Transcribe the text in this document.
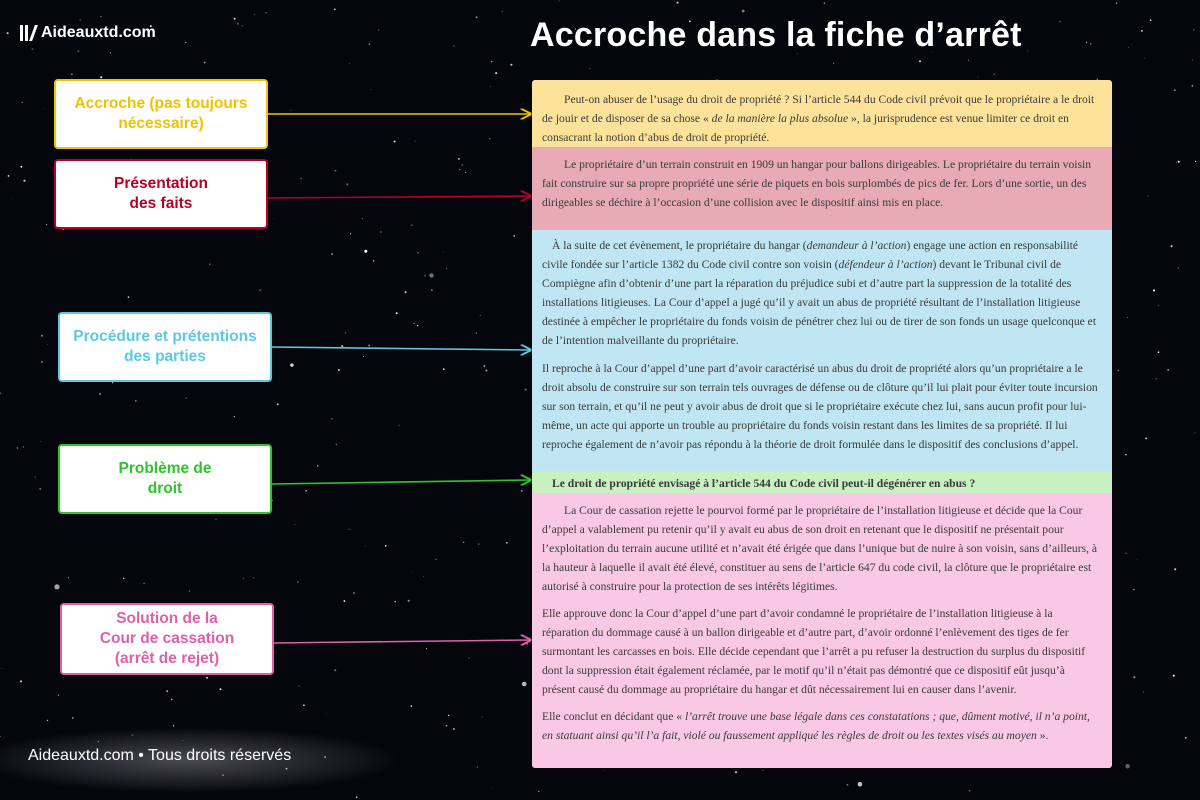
Aideauxtd.com	Accroche dans la fiche d’arrêt
Accroche (pas toujours
nécessaire)
Présentation
des faits
Procédure et prétentions
des parties
Problème de
droit
Solution de la
Cour de cassation
(arrêt de rejet)

Peut-on abuser de l’usage du droit de propriété ? Si l’article 544 du Code civil prévoit que le propriétaire a le droit de jouir et de disposer de sa chose « de la manière la plus absolue », la jurisprudence est venue limiter ce droit en consacrant la notion d’abus de droit de propriété.

Le propriétaire d’un terrain construit en 1909 un hangar pour ballons dirigeables. Le propriétaire du terrain voisin fait construire sur sa propre propriété une série de piquets en bois surplombés de pics de fer. Lors d’une sortie, un des dirigeables se déchire à l’occasion d’une collision avec le dispositif ainsi mis en place.

À la suite de cet évènement, le propriétaire du hangar (demandeur à l’action) engage une action en responsabilité civile fondée sur l’article 1382 du Code civil contre son voisin (défendeur à l’action) devant le Tribunal civil de Compiègne afin d’obtenir d’une part la réparation du préjudice subi et d’autre part la suppression de la totalité des installations litigieuses. La Cour d’appel a jugé qu’il y avait un abus de propriété résultant de l’installation litigieuse destinée à empêcher le propriétaire du fonds voisin de pénétrer chez lui ou de tirer de son fonds un usage quelconque et de l’intention malveillante du propriétaire.

Il reproche à la Cour d’appel d’une part d’avoir caractérisé un abus du droit de propriété alors qu’un propriétaire a le droit absolu de construire sur son terrain tels ouvrages de défense ou de clôture qu’il lui plait pour éviter toute incursion sur son terrain, et qu’il ne peut y avoir abus de droit que si le propriétaire exécute chez lui, sans aucun profit pour lui-même, un acte qui apporte un trouble au propriétaire du fonds voisin restant dans les limites de sa propriété. Il lui reproche également de n’avoir pas répondu à la théorie de droit formulée dans le dispositif des conclusions d’appel.

Le droit de propriété envisagé à l’article 544 du Code civil peut-il dégénérer en abus ?

La Cour de cassation rejette le pourvoi formé par le propriétaire de l’installation litigieuse et décide que la Cour d’appel a valablement pu retenir qu’il y avait eu abus de son droit en retenant que le dispositif ne présentait pour l’exploitation du terrain aucune utilité et n’avait été érigée que dans l’unique but de nuire à son voisin, sans d’ailleurs, à la hauteur à laquelle il avait été élevé, constituer au sens de l’article 647 du code civil, la clôture que le propriétaire est autorisé à construire pour la protection de ses intérêts légitimes.

Elle approuve donc la Cour d’appel d’une part d’avoir condamné le propriétaire de l’installation litigieuse à la réparation du dommage causé à un ballon dirigeable et d’autre part, d’avoir ordonné l’enlèvement des tiges de fer surmontant les carcasses en bois. Elle décide cependant que l’arrêt a pu refuser la destruction du surplus du dispositif dont la suppression était également réclamée, par le motif qu’il n’était pas démontré que ce dispositif eût jusqu’à présent causé du dommage au propriétaire du hangar et dût nécessairement lui en causer dans l’avenir.

Elle conclut en décidant que « l’arrêt trouve une base légale dans ces constatations ; que, dûment motivé, il n’a point, en statuant ainsi qu’il l’a fait, violé ou faussement appliqué les règles de droit ou les textes visés au moyen ».

Aideauxtd.com • Tous droits réservés
